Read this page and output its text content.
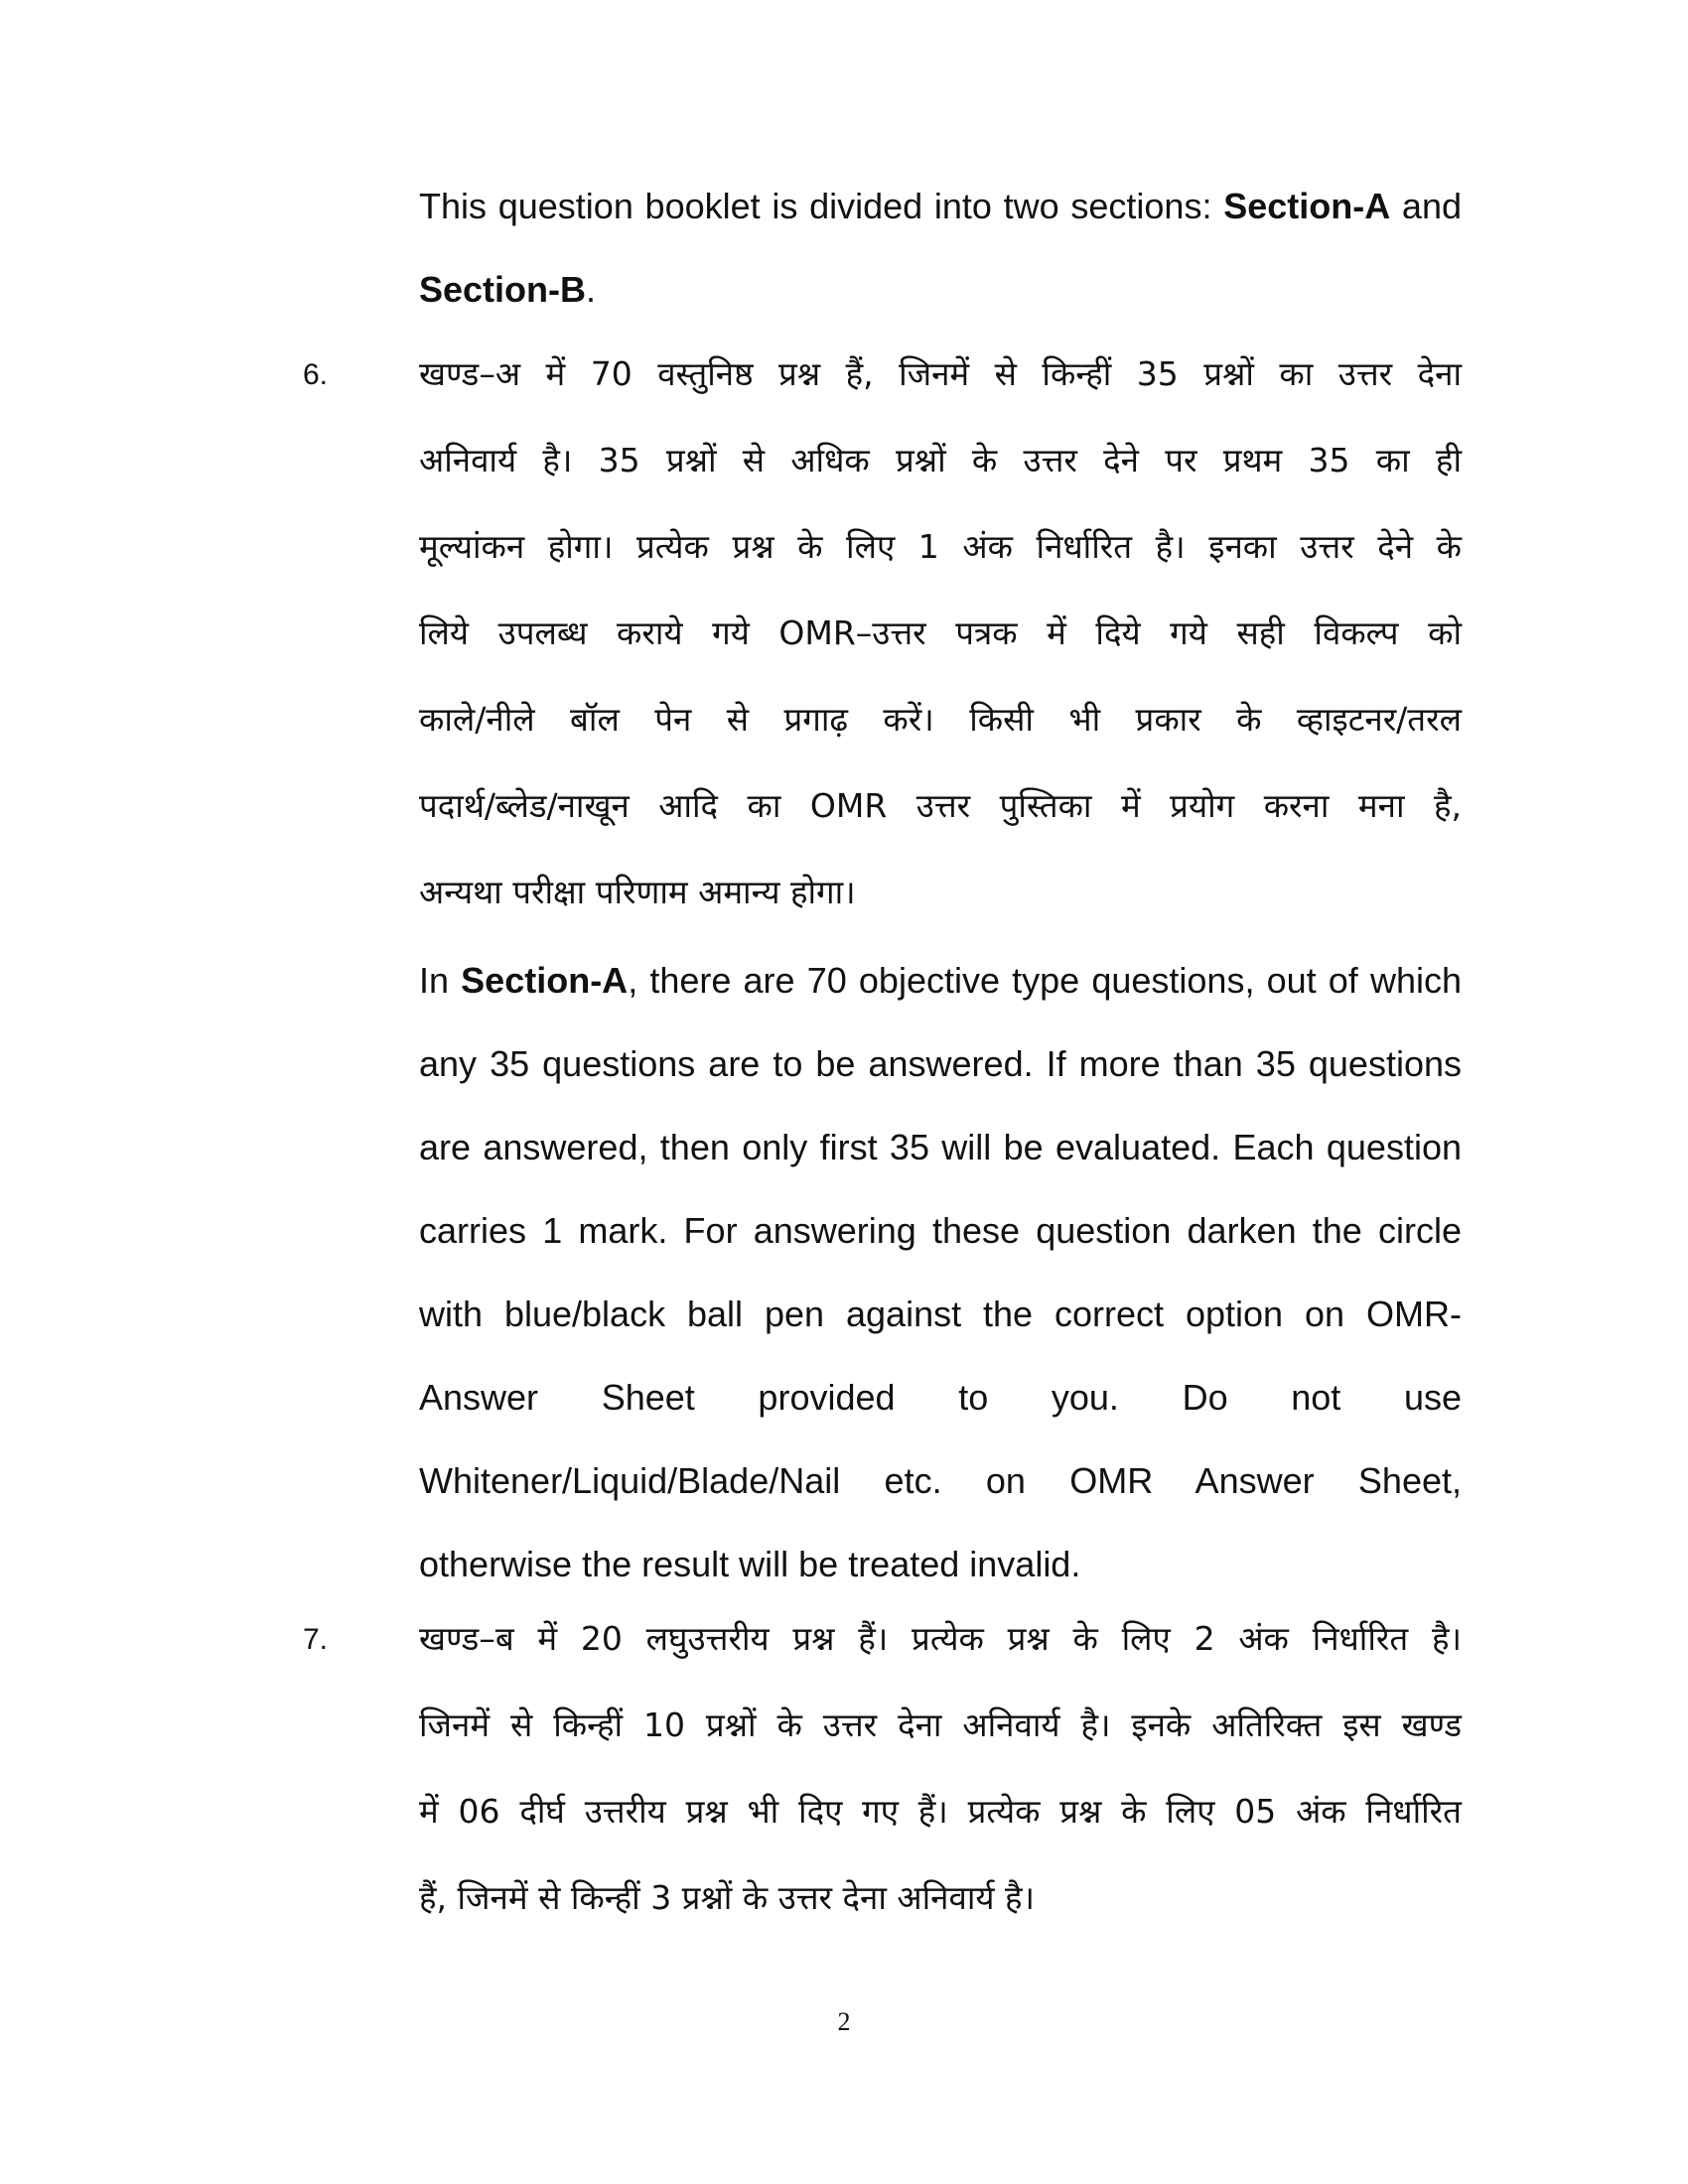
This question booklet is divided into two sections: Section-A and
Section-B.
6.	खण्ड–अ में 70 वस्तुनिष्ठ प्रश्न हैं, जिनमें से किन्हीं 35 प्रश्नों का उत्तर देना
अनिवार्य है। 35 प्रश्नों से अधिक प्रश्नों के उत्तर देने पर प्रथम 35 का ही
मूल्यांकन होगा। प्रत्येक प्रश्न के लिए 1 अंक निर्धारित है। इनका उत्तर देने के
लिये उपलब्ध कराये गये OMR–उत्तर पत्रक में दिये गये सही विकल्प को
काले/नीले बॉल पेन से प्रगाढ़ करें। किसी भी प्रकार के व्हाइटनर/तरल
पदार्थ/ब्लेड/नाखून आदि का OMR उत्तर पुस्तिका में प्रयोग करना मना है,
अन्यथा परीक्षा परिणाम अमान्य होगा।
In Section-A, there are 70 objective type questions, out of which
any 35 questions are to be answered. If more than 35 questions
are answered, then only first 35 will be evaluated. Each question
carries 1 mark. For answering these question darken the circle
with blue/black ball pen against the correct option on OMR-
Answer Sheet provided to you. Do not use
Whitener/Liquid/Blade/Nail etc. on OMR Answer Sheet,
otherwise the result will be treated invalid.
7.	खण्ड–ब में 20 लघुउत्तरीय प्रश्न हैं। प्रत्येक प्रश्न के लिए 2 अंक निर्धारित है।
जिनमें से किन्हीं 10 प्रश्नों के उत्तर देना अनिवार्य है। इनके अतिरिक्त इस खण्ड
में 06 दीर्घ उत्तरीय प्रश्न भी दिए गए हैं। प्रत्येक प्रश्न के लिए 05 अंक निर्धारित
हैं, जिनमें से किन्हीं 3 प्रश्नों के उत्तर देना अनिवार्य है।
2
